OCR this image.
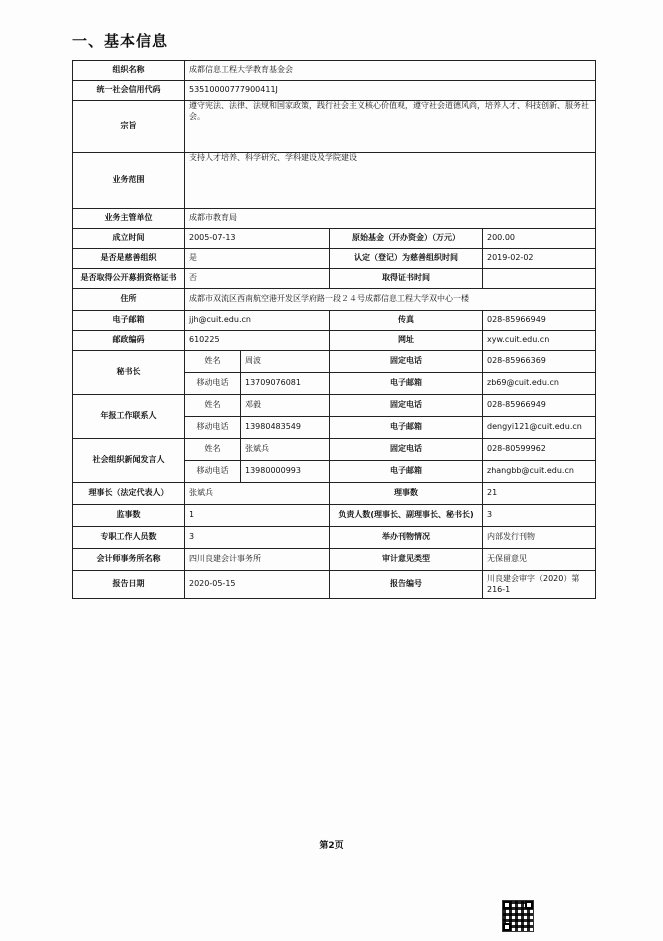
一、基本信息
组织名称	成都信息工程大学教育基金会			
统一社会信用代码	53510000777900411J			
宗旨	遵守宪法、法律、法规和国家政策，践行社会主义核心价值观，遵守社会道德风尚，培养人才、科技创新、服务社会。			
业务范围	支持人才培养、科学研究、学科建设及学院建设			
业务主管单位	成都市教育局			
成立时间	2005-07-13		原始基金（开办资金）（万元）	200.00
是否是慈善组织	是		认定（登记）为慈善组织时间	2019-02-02
是否取得公开募捐资格证书	否		取得证书时间	
住所	成都市双流区西南航空港开发区学府路一段２４号成都信息工程大学双中心一楼			
电子邮箱	jjh@cuit.edu.cn		传真	028-85966949
邮政编码	610225		网址	xyw.cuit.edu.cn
秘书长	姓名	周波	固定电话	028-85966369
	移动电话	13709076081	电子邮箱	zb69@cuit.edu.cn
年报工作联系人	姓名	邓毅	固定电话	028-85966949
	移动电话	13980483549	电子邮箱	dengyi121@cuit.edu.cn
社会组织新闻发言人	姓名	张斌兵	固定电话	028-80599962
	移动电话	13980000993	电子邮箱	zhangbb@cuit.edu.cn
理事长（法定代表人）	张斌兵		理事数	21
监事数	1		负责人数(理事长、副理事长、秘书长)	3
专职工作人员数	3		举办刊物情况	内部发行刊物
会计师事务所名称	四川良建会计事务所		审计意见类型	无保留意见
报告日期	2020-05-15		报告编号	川良建会审字（2020）第216-1
第2页
